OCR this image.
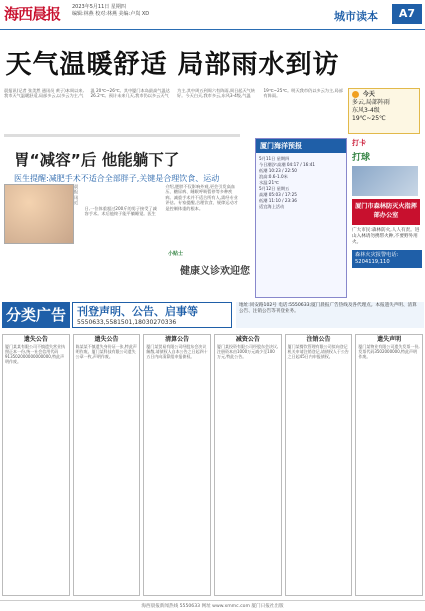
海西晨报 2023年5月11日 星期四
编辑:林燕 校对:林燕 美编:卢岚 XD	城市读本	A7
天气温暖舒适 局部雨水到访
今天
多云,局部阵雨
东风3-4级
19℃~25℃
晨报讯(记者 张美然 通讯员 黄子)本周以来,我市天气温暖舒适,局部多云,以多云为主,气温 20℃~26℃。其中厦门本岛最高气温达26.2℃。预计未来几天,我市仍以多云天气为主,其中周五到周六有阵雨,周日起天气转好。今天白天,我市多云,东风3-4级,气温 19℃~25℃。明天我市仍以多云为主,局部有阵雨。
胃“减容”后 他能躺下了
医生提醒:减肥手术不适合全部胖子,关键是合理饮食、运动
晨报讯 近日,一位体重超过200斤的男子接受了减容手术。术后他终于能平躺睡觉。医生介绍,肥胖不仅影响外观,更会引发高血压、糖尿病、睡眠呼吸暂停等多种疾病。减重手术并不适合所有人,需经专业评估。专家提醒,合理饮食、规律运动才是控制体重的根本。
小贴士
健康义诊欢迎您
厦门海洋预报
5月11日 星期四
今日潮汐:高潮 04:17 / 16:41
低潮 10:23 / 22:50
浪高:0.6-1.0米
水温:21℃
5月12日 星期五
高潮 05:03 / 17:25
低潮 11:10 / 23:36
适宜海上活动
打卡
打球
厦门市森林防灭火指挥部办公室
广大市民:森林防火,人人有责。进山入林请勿携带火种,不要野外用火。
森林火灾报警电话:
5204119,110
分类广告	刊登声明、公告、启事等
5550633,5581501,18030270336
地址:同安路102号 电话:5550633;厦门晨报广告热线及各代理点。本报遗失声明、清算公告、注销公告等刊登业务。
遗失公告
厦门某某有限公司不慎遗失营业执照正本一份,统一社会信用代码913502000000000000,特此声明作废。
遗失公告
陈某某不慎遗失身份证一张,特此声明作废。厦门某科技有限公司遗失公章一枚,声明作废。
清算公告
厦门某贸易有限公司经股东会决议解散,请债权人自本公告之日起四十五日内向清算组申报债权。
减资公告
厦门某投资有限公司经股东会决议,注册资本由1000万元减少至100万元,特此公告。
注销公告
厦门某餐饮管理有限公司拟向登记机关申请注销登记,请债权人于公告之日起45日内申报债权。
遗失声明
厦门某物业有限公司遗失发票一份,发票代码3502000000,特此声明作废。
海西晨报新闻热线 5550633 网址 www.xmmc.com 厦门日报社出版
